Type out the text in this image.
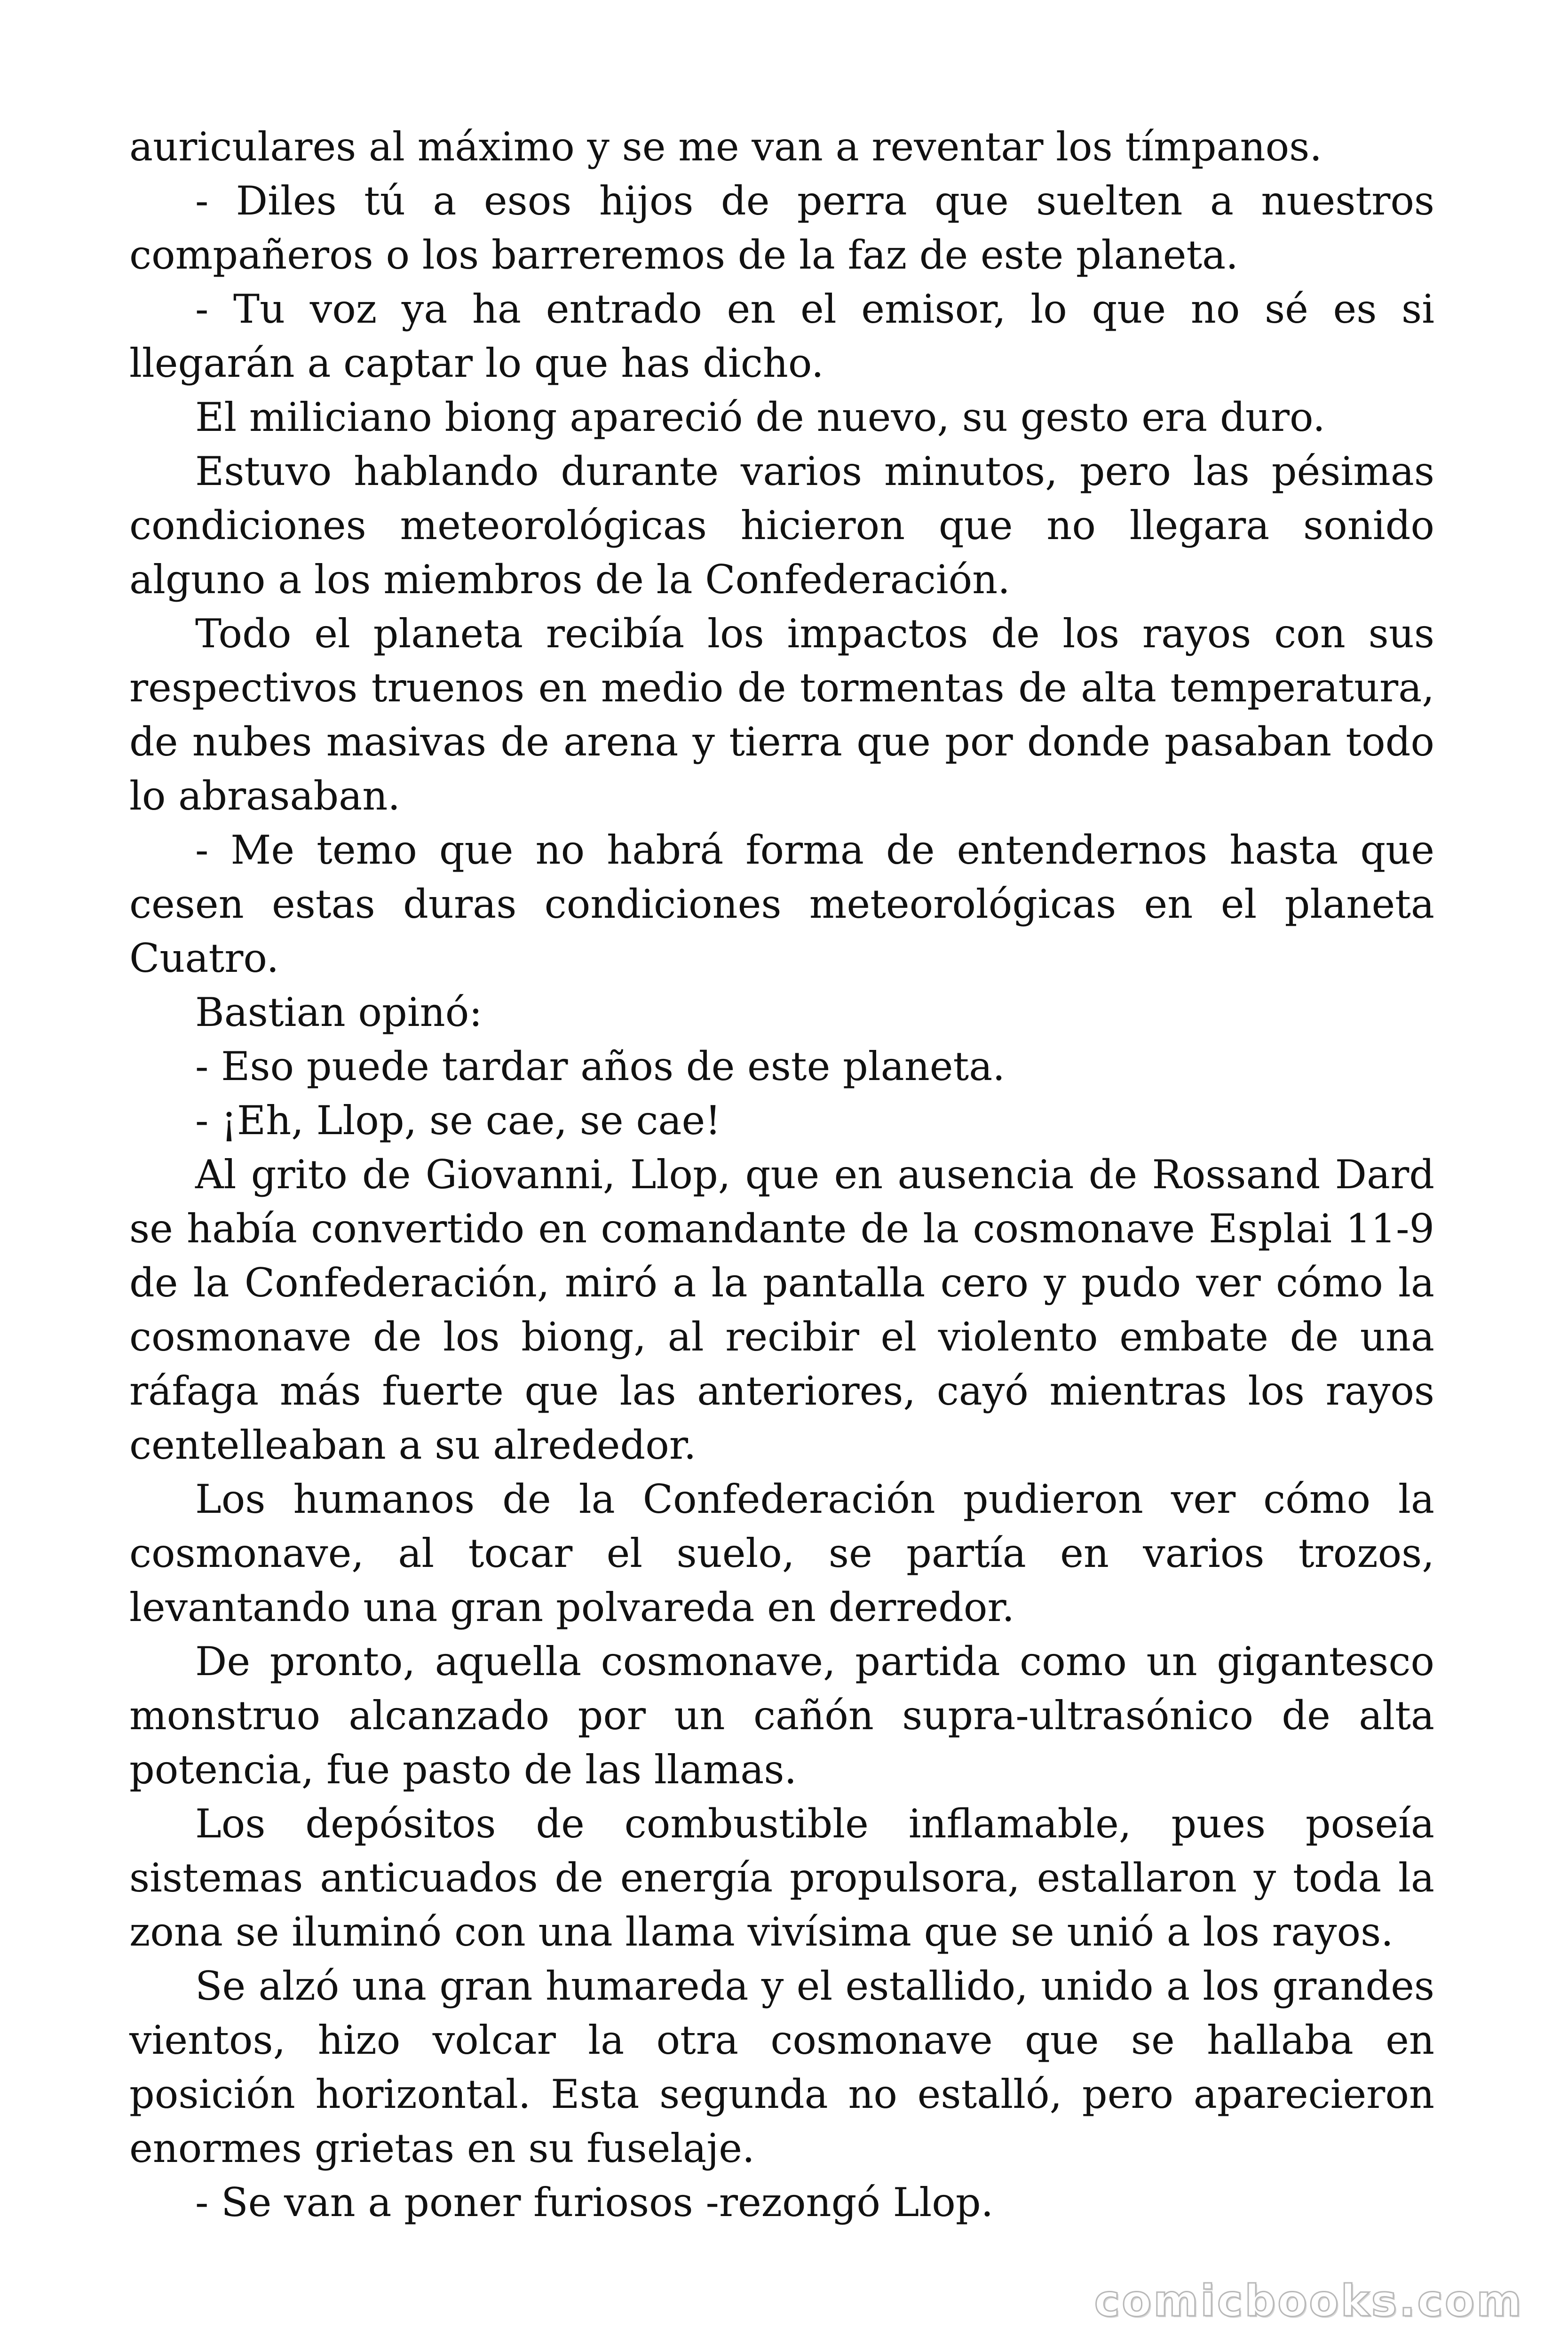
auriculares al máximo y se me van a reventar los tímpanos.

- Diles tú a esos hijos de perra que suelten a nuestros compañeros o los barreremos de la faz de este planeta.

- Tu voz ya ha entrado en el emisor, lo que no sé es si llegarán a captar lo que has dicho.

El miliciano biong apareció de nuevo, su gesto era duro.

Estuvo hablando durante varios minutos, pero las pésimas condiciones meteorológicas hicieron que no llegara sonido alguno a los miembros de la Confederación.

Todo el planeta recibía los impactos de los rayos con sus respectivos truenos en medio de tormentas de alta temperatura, de nubes masivas de arena y tierra que por donde pasaban todo lo abrasaban.

- Me temo que no habrá forma de entendernos hasta que cesen estas duras condiciones meteorológicas en el planeta Cuatro.

Bastian opinó:

- Eso puede tardar años de este planeta.

- ¡Eh, Llop, se cae, se cae!

Al grito de Giovanni, Llop, que en ausencia de Rossand Dard se había convertido en comandante de la cosmonave Esplai 11-9 de la Confederación, miró a la pantalla cero y pudo ver cómo la cosmonave de los biong, al recibir el violento embate de una ráfaga más fuerte que las anteriores, cayó mientras los rayos centelleaban a su alrededor.

Los humanos de la Confederación pudieron ver cómo la cosmonave, al tocar el suelo, se partía en varios trozos, levantando una gran polvareda en derredor.

De pronto, aquella cosmonave, partida como un gigantesco monstruo alcanzado por un cañón supra-ultrasónico de alta potencia, fue pasto de las llamas.

Los depósitos de combustible inflamable, pues poseía sistemas anticuados de energía propulsora, estallaron y toda la zona se iluminó con una llama vivísima que se unió a los rayos.

Se alzó una gran humareda y el estallido, unido a los grandes vientos, hizo volcar la otra cosmonave que se hallaba en posición horizontal. Esta segunda no estalló, pero aparecieron enormes grietas en su fuselaje.

- Se van a poner furiosos -rezongó Llop.

comicbooks.com
